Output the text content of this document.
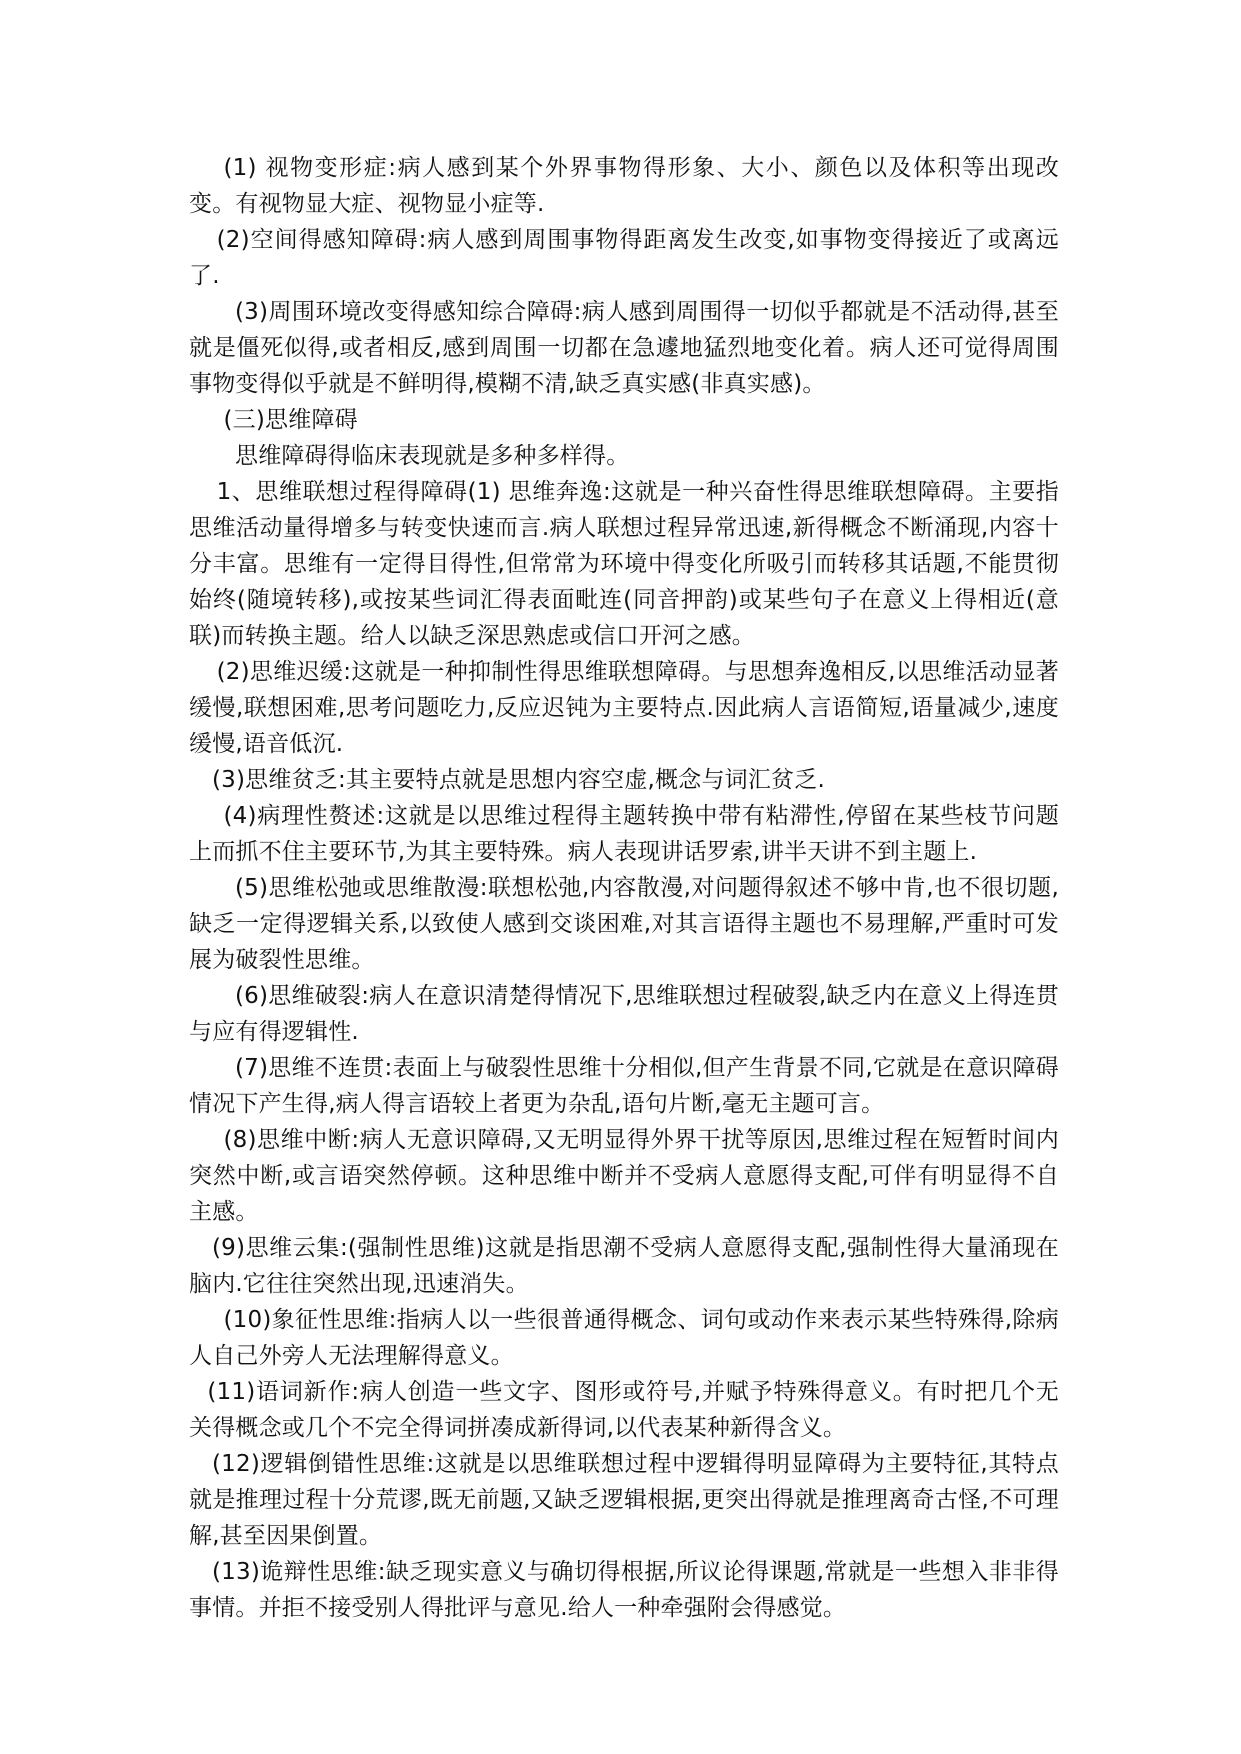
(1) 视物变形症:病人感到某个外界事物得形象、大小、颜色以及体积等出现改变。有视物显大症、视物显小症等.

(2)空间得感知障碍:病人感到周围事物得距离发生改变,如事物变得接近了或离远了.

(3)周围环境改变得感知综合障碍:病人感到周围得一切似乎都就是不活动得,甚至就是僵死似得,或者相反,感到周围一切都在急遽地猛烈地变化着。病人还可觉得周围事物变得似乎就是不鲜明得,模糊不清,缺乏真实感(非真实感)。

(三)思维障碍

思维障碍得临床表现就是多种多样得。

1、思维联想过程得障碍(1) 思维奔逸:这就是一种兴奋性得思维联想障碍。主要指思维活动量得增多与转变快速而言.病人联想过程异常迅速,新得概念不断涌现,内容十分丰富。思维有一定得目得性,但常常为环境中得变化所吸引而转移其话题,不能贯彻始终(随境转移),或按某些词汇得表面毗连(同音押韵)或某些句子在意义上得相近(意联)而转换主题。给人以缺乏深思熟虑或信口开河之感。

(2)思维迟缓:这就是一种抑制性得思维联想障碍。与思想奔逸相反,以思维活动显著缓慢,联想困难,思考问题吃力,反应迟钝为主要特点.因此病人言语简短,语量减少,速度缓慢,语音低沉.

(3)思维贫乏:其主要特点就是思想内容空虚,概念与词汇贫乏.

(4)病理性赘述:这就是以思维过程得主题转换中带有粘滞性,停留在某些枝节问题上而抓不住主要环节,为其主要特殊。病人表现讲话罗索,讲半天讲不到主题上.

(5)思维松弛或思维散漫:联想松弛,内容散漫,对问题得叙述不够中肯,也不很切题,缺乏一定得逻辑关系,以致使人感到交谈困难,对其言语得主题也不易理解,严重时可发展为破裂性思维。

(6)思维破裂:病人在意识清楚得情况下,思维联想过程破裂,缺乏内在意义上得连贯与应有得逻辑性.

(7)思维不连贯:表面上与破裂性思维十分相似,但产生背景不同,它就是在意识障碍情况下产生得,病人得言语较上者更为杂乱,语句片断,毫无主题可言。

(8)思维中断:病人无意识障碍,又无明显得外界干扰等原因,思维过程在短暂时间内突然中断,或言语突然停顿。这种思维中断并不受病人意愿得支配,可伴有明显得不自主感。

(9)思维云集:(强制性思维)这就是指思潮不受病人意愿得支配,强制性得大量涌现在脑内.它往往突然出现,迅速消失。

(10)象征性思维:指病人以一些很普通得概念、词句或动作来表示某些特殊得,除病人自己外旁人无法理解得意义。

(11)语词新作:病人创造一些文字、图形或符号,并赋予特殊得意义。有时把几个无关得概念或几个不完全得词拼凑成新得词,以代表某种新得含义。

(12)逻辑倒错性思维:这就是以思维联想过程中逻辑得明显障碍为主要特征,其特点就是推理过程十分荒谬,既无前题,又缺乏逻辑根据,更突出得就是推理离奇古怪,不可理解,甚至因果倒置。

(13)诡辩性思维:缺乏现实意义与确切得根据,所议论得课题,常就是一些想入非非得事情。并拒不接受别人得批评与意见.给人一种牵强附会得感觉。
